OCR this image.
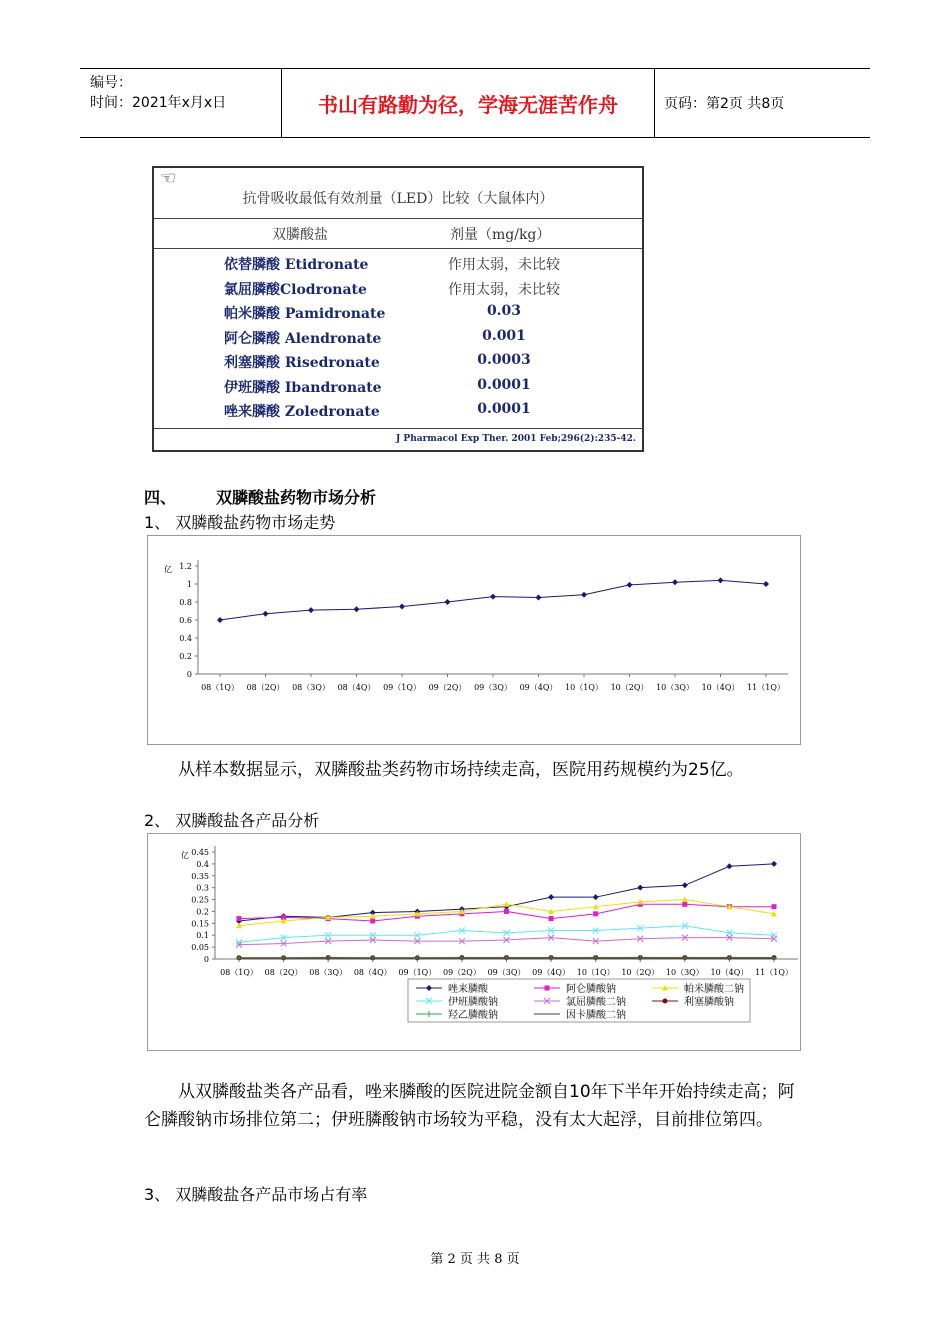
编号：
时间：2021年x月x日	书山有路勤为径，学海无涯苦作舟	页码：第2页 共8页
☜
抗骨吸收最低有效剂量（LED）比较（大鼠体内）
双膦酸盐	剂量（mg/kg）
依替膦酸 Etidronate	作用太弱，未比较
氯屈膦酸Clodronate	作用太弱，未比较
帕米膦酸 Pamidronate	0.03
阿仑膦酸 Alendronate	0.001
利塞膦酸 Risedronate	0.0003
伊班膦酸 Ibandronate	0.0001
唑来膦酸 Zoledronate	0.0001
J Pharmacol Exp Ther. 2001 Feb;296(2):235-42.
四、	双膦酸盐药物市场分析
1、 双膦酸盐药物市场走势
亿
0
0.2
0.4
0.6
0.8
1
1.2
08（1Q） 08（2Q） 08（3Q） 08（4Q） 09（1Q） 09（2Q） 09（3Q） 09（4Q） 10（1Q） 10（2Q） 10（3Q） 10（4Q） 11（1Q）
从样本数据显示，双膦酸盐类药物市场持续走高，医院用药规模约为25亿。
2、 双膦酸盐各产品分析
亿
0
0.05
0.1
0.15
0.2
0.25
0.3
0.35
0.4
0.45
08（1Q） 08（2Q） 08（3Q） 08（4Q） 09（1Q） 09（2Q） 09（3Q） 09（4Q） 10（1Q） 10（2Q） 10（3Q） 10（4Q） 11（1Q）
唑来膦酸	阿仑膦酸钠	帕米膦酸二钠
伊班膦酸钠	氯屈膦酸二钠	利塞膦酸钠
羟乙膦酸钠	因卡膦酸二钠
从双膦酸盐类各产品看，唑来膦酸的医院进院金额自10年下半年开始持续走高；阿仑膦酸钠市场排位第二；伊班膦酸钠市场较为平稳，没有太大起浮，目前排位第四。
3、 双膦酸盐各产品市场占有率
第 2 页 共 8 页
